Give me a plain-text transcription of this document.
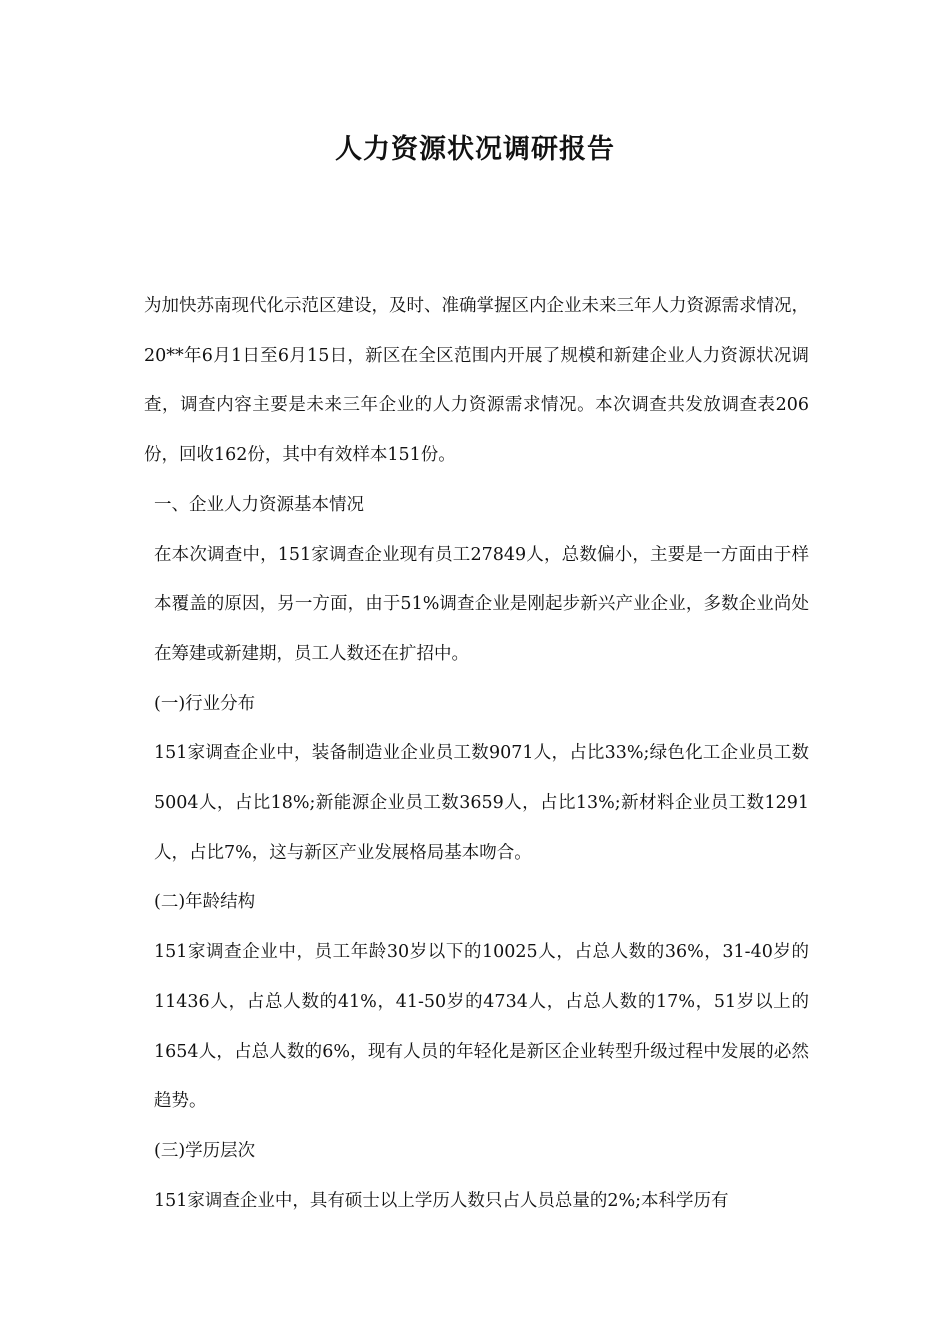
人力资源状况调研报告

为加快苏南现代化示范区建设，及时、准确掌握区内企业未来三年人力资源需求情况，20**年6月1日至6月15日，新区在全区范围内开展了规模和新建企业人力资源状况调查，调查内容主要是未来三年企业的人力资源需求情况。本次调查共发放调查表206份，回收162份，其中有效样本151份。

一、企业人力资源基本情况

在本次调查中，151家调查企业现有员工27849人，总数偏小，主要是一方面由于样本覆盖的原因，另一方面，由于51%调查企业是刚起步新兴产业企业，多数企业尚处在筹建或新建期，员工人数还在扩招中。

(一)行业分布

151家调查企业中，装备制造业企业员工数9071人，占比33%;绿色化工企业员工数5004人，占比18%;新能源企业员工数3659人，占比13%;新材料企业员工数1291人，占比7%，这与新区产业发展格局基本吻合。

(二)年龄结构

151家调查企业中，员工年龄30岁以下的10025人，占总人数的36%，31-40岁的11436人，占总人数的41%，41-50岁的4734人，占总人数的17%，51岁以上的1654人，占总人数的6%，现有人员的年轻化是新区企业转型升级过程中发展的必然趋势。

(三)学历层次

151家调查企业中，具有硕士以上学历人数只占人员总量的2%;本科学历有
